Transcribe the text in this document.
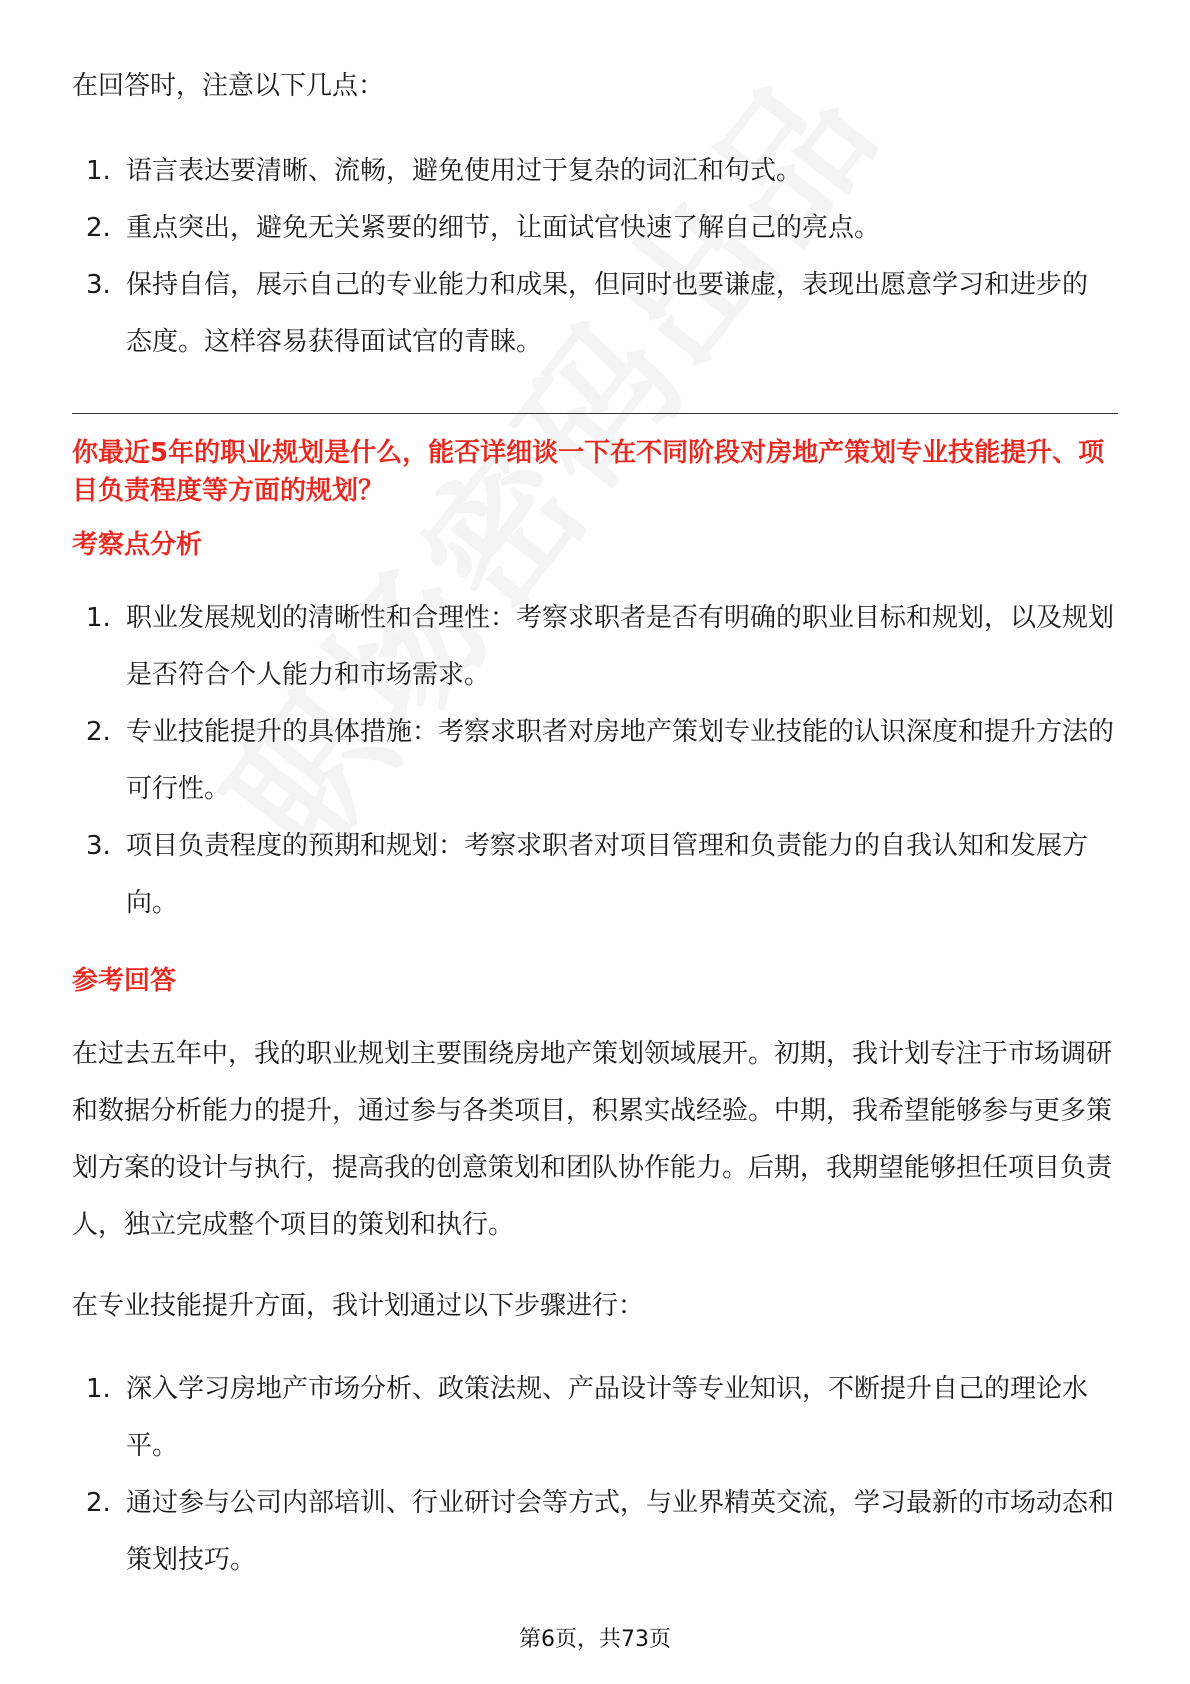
在回答时，注意以下几点：

1. 语言表达要清晰、流畅，避免使用过于复杂的词汇和句式。
2. 重点突出，避免无关紧要的细节，让面试官快速了解自己的亮点。
3. 保持自信，展示自己的专业能力和成果，但同时也要谦虚，表现出愿意学习和进步的态度。这样容易获得面试官的青睐。
你最近5年的职业规划是什么，能否详细谈一下在不同阶段对房地产策划专业技能提升、项目负责程度等方面的规划？
考察点分析
1. 职业发展规划的清晰性和合理性：考察求职者是否有明确的职业目标和规划，以及规划是否符合个人能力和市场需求。
2. 专业技能提升的具体措施：考察求职者对房地产策划专业技能的认识深度和提升方法的可行性。
3. 项目负责程度的预期和规划：考察求职者对项目管理和负责能力的自我认知和发展方向。
参考回答

在过去五年中，我的职业规划主要围绕房地产策划领域展开。初期，我计划专注于市场调研和数据分析能力的提升，通过参与各类项目，积累实战经验。中期，我希望能够参与更多策划方案的设计与执行，提高我的创意策划和团队协作能力。后期，我期望能够担任项目负责人，独立完成整个项目的策划和执行。

在专业技能提升方面，我计划通过以下步骤进行：

1. 深入学习房地产市场分析、政策法规、产品设计等专业知识，不断提升自己的理论水平。
2. 通过参与公司内部培训、行业研讨会等方式，与业界精英交流，学习最新的市场动态和策划技巧。
第6页，共73页
